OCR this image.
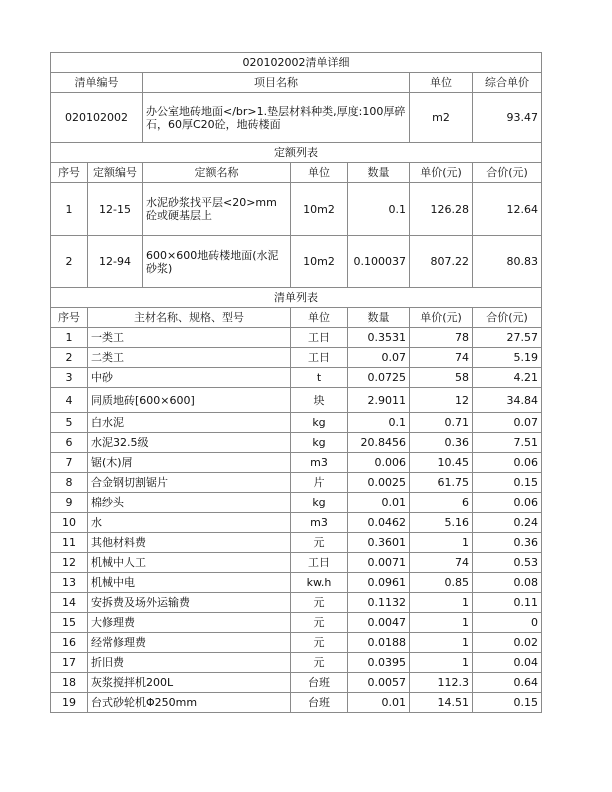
020102002清单详细						
清单编号		项目名称			单位	综合单价
020102002		办公室地砖地面</br>1.垫层材料种类,厚度:100厚碎石，60厚C20砼，地砖楼面			m2	93.47
定额列表						
序号	定额编号	定额名称	单位	数量	单价(元)	合价(元)
1	12-15	水泥砂浆找平层<20>mm砼或硬基层上	10m2	0.1	126.28	12.64
2	12-94	600×600地砖楼地面(水泥砂浆)	10m2	0.100037	807.22	80.83
清单列表						
序号	主材名称、规格、型号		单位	数量	单价(元)	合价(元)
1	一类工		工日	0.3531	78	27.57
2	二类工		工日	0.07	74	5.19
3	中砂		t	0.0725	58	4.21
4	同质地砖[600×600]		块	2.9011	12	34.84
5	白水泥		kg	0.1	0.71	0.07
6	水泥32.5级		kg	20.8456	0.36	7.51
7	锯(木)屑		m3	0.006	10.45	0.06
8	合金钢切割锯片		片	0.0025	61.75	0.15
9	棉纱头		kg	0.01	6	0.06
10	水		m3	0.0462	5.16	0.24
11	其他材料费		元	0.3601	1	0.36
12	机械中人工		工日	0.0071	74	0.53
13	机械中电		kw.h	0.0961	0.85	0.08
14	安拆费及场外运输费		元	0.1132	1	0.11
15	大修理费		元	0.0047	1	0
16	经常修理费		元	0.0188	1	0.02
17	折旧费		元	0.0395	1	0.04
18	灰浆搅拌机200L		台班	0.0057	112.3	0.64
19	台式砂轮机Φ250mm		台班	0.01	14.51	0.15
